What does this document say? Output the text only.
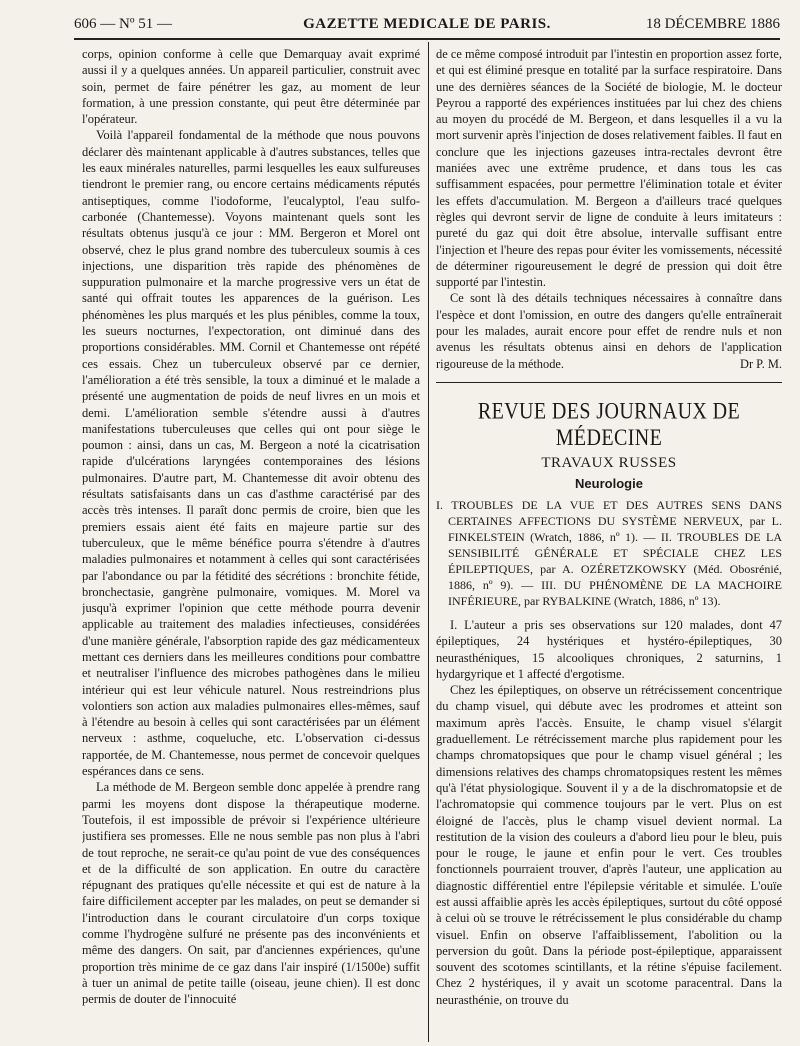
606 — Nº 51 —	GAZETTE MEDICALE DE PARIS.	18 DÉCEMBRE 1886

corps, opinion conforme à celle que Demarquay avait exprimé aussi il y a quelques années. Un appareil particulier, construit avec soin, permet de faire pénétrer les gaz, au moment de leur formation, à une pression constante, qui peut être déterminée par l'opérateur.

Voilà l'appareil fondamental de la méthode que nous pouvons déclarer dès maintenant applicable à d'autres substances, telles que les eaux minérales naturelles, parmi lesquelles les eaux sulfureuses tiendront le premier rang, ou encore certains médicaments réputés antiseptiques, comme l'iodoforme, l'eucalyptol, l'eau sulfo-carbonée (Chantemesse). Voyons maintenant quels sont les résultats obtenus jusqu'à ce jour : MM. Bergeron et Morel ont observé, chez le plus grand nombre des tuberculeux soumis à ces injections, une disparition très rapide des phénomènes de suppuration pulmonaire et la marche progressive vers un état de santé qui offrait toutes les apparences de la guérison. Les phénomènes les plus marqués et les plus pénibles, comme la toux, les sueurs nocturnes, l'expectoration, ont diminué dans des proportions considérables. MM. Cornil et Chantemesse ont répété ces essais. Chez un tuberculeux observé par ce dernier, l'amélioration a été très sensible, la toux a diminué et le malade a présenté une augmentation de poids de neuf livres en un mois et demi. L'amélioration semble s'étendre aussi à d'autres manifestations tuberculeuses que celles qui ont pour siège le poumon : ainsi, dans un cas, M. Bergeon a noté la cicatrisation rapide d'ulcérations laryngées contemporaines des lésions pulmonaires. D'autre part, M. Chantemesse dit avoir obtenu des résultats satisfaisants dans un cas d'asthme caractérisé par des accès très intenses. Il paraît donc permis de croire, bien que les premiers essais aient été faits en majeure partie sur des tuberculeux, que le même bénéfice pourra s'étendre à d'autres maladies pulmonaires et notamment à celles qui sont caractérisées par l'abondance ou par la fétidité des sécrétions : bronchite fétide, bronchectasie, gangrène pulmonaire, vomiques. M. Morel va jusqu'à exprimer l'opinion que cette méthode pourra devenir applicable au traitement des maladies infectieuses, considérées d'une manière générale, l'absorption rapide des gaz médicamenteux mettant ces derniers dans les meilleures conditions pour combattre et neutraliser l'influence des microbes pathogènes dans le milieu intérieur qui est leur véhicule naturel. Nous restreindrions plus volontiers son action aux maladies pulmonaires elles-mêmes, sauf à l'étendre au besoin à celles qui sont caractérisées par un élément nerveux : asthme, coqueluche, etc. L'observation ci-dessus rapportée, de M. Chantemesse, nous permet de concevoir quelques espérances dans ce sens.

La méthode de M. Bergeon semble donc appelée à prendre rang parmi les moyens dont dispose la thérapeutique moderne. Toutefois, il est impossible de prévoir si l'expérience ultérieure justifiera ses promesses. Elle ne nous semble pas non plus à l'abri de tout reproche, ne serait-ce qu'au point de vue des conséquences et de la difficulté de son application. En outre du caractère répugnant des pratiques qu'elle nécessite et qui est de nature à la faire difficilement accepter par les malades, on peut se demander si l'introduction dans le courant circulatoire d'un corps toxique comme l'hydrogène sulfuré ne présente pas des inconvénients et même des dangers. On sait, par d'anciennes expériences, qu'une proportion très minime de ce gaz dans l'air inspiré (1/1500e) suffit à tuer un animal de petite taille (oiseau, jeune chien). Il est donc permis de douter de l'innocuité

de ce même composé introduit par l'intestin en proportion assez forte, et qui est éliminé presque en totalité par la surface respiratoire. Dans une des dernières séances de la Société de biologie, M. le docteur Peyrou a rapporté des expériences instituées par lui chez des chiens au moyen du procédé de M. Bergeon, et dans lesquelles il a vu la mort survenir après l'injection de doses relativement faibles. Il faut en conclure que les injections gazeuses intra-rectales devront être maniées avec une extrême prudence, et dans tous les cas suffisamment espacées, pour permettre l'élimination totale et éviter les effets d'accumulation. M. Bergeon a d'ailleurs tracé quelques règles qui devront servir de ligne de conduite à leurs imitateurs : pureté du gaz qui doit être absolue, intervalle suffisant entre l'injection et l'heure des repas pour éviter les vomissements, nécessité de déterminer rigoureusement le degré de pression qui doit être supporté par l'intestin.

Ce sont là des détails techniques nécessaires à connaître dans l'espèce et dont l'omission, en outre des dangers qu'elle entraînerait pour les malades, aurait encore pour effet de rendre nuls et non avenus les résultats obtenus ainsi en dehors de l'application rigoureuse de la méthode.	Dr P. M.

REVUE DES JOURNAUX DE MÉDECINE
TRAVAUX RUSSES
Neurologie
I. TROUBLES DE LA VUE ET DES AUTRES SENS DANS CERTAINES AFFECTIONS DU SYSTÈME NERVEUX, par L. FINKELSTEIN (Wratch, 1886, nº 1). — II. TROUBLES DE LA SENSIBILITÉ GÉNÉRALE ET SPÉCIALE CHEZ LES ÉPILEPTIQUES, par A. OZÉRETZKOWSKY (Méd. Obosrénié, 1886, nº 9). — III. DU PHÉNOMÈNE DE LA MACHOIRE INFÉRIEURE, par RYBALKINE (Wratch, 1886, nº 13).

I. L'auteur a pris ses observations sur 120 malades, dont 47 épileptiques, 24 hystériques et hystéro-épileptiques, 30 neurasthéniques, 15 alcooliques chroniques, 2 saturnins, 1 hydargyrique et 1 affecté d'ergotisme.

Chez les épileptiques, on observe un rétrécissement concentrique du champ visuel, qui débute avec les prodromes et atteint son maximum après l'accès. Ensuite, le champ visuel s'élargit graduellement. Le rétrécissement marche plus rapidement pour les champs chromatopsiques que pour le champ visuel général ; les dimensions relatives des champs chromatopsiques restent les mêmes qu'à l'état physiologique. Souvent il y a de la dischromatopsie et de l'achromatopsie qui commence toujours par le vert. Plus on est éloigné de l'accès, plus le champ visuel devient normal. La restitution de la vision des couleurs a d'abord lieu pour le bleu, puis pour le rouge, le jaune et enfin pour le vert. Ces troubles fonctionnels pourraient trouver, d'après l'auteur, une application au diagnostic différentiel entre l'épilepsie véritable et simulée. L'ouïe est aussi affaiblie après les accès épileptiques, surtout du côté opposé à celui où se trouve le rétrécissement le plus considérable du champ visuel. Enfin on observe l'affaiblissement, l'abolition ou la perversion du goût. Dans la période post-épileptique, apparaissent souvent des scotomes scintillants, et la rétine s'épuise facilement. Chez 2 hystériques, il y avait un scotome paracentral. Dans la neurasthénie, on trouve du
